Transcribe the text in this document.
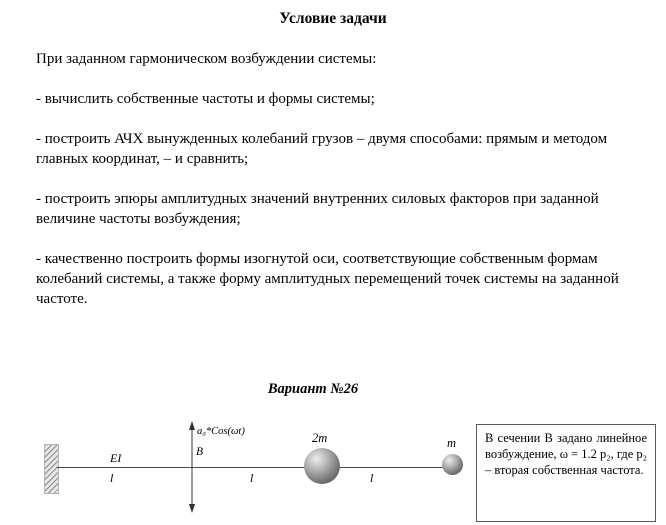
Условие задачи

При заданном гармоническом возбуждении системы:

- вычислить собственные частоты и формы системы;

- построить АЧХ вынужденных колебаний грузов – двумя способами: прямым и методом главных координат, – и сравнить;

- построить эпюры амплитудных значений внутренних силовых факторов при заданной величине частоты возбуждения;

- качественно построить формы изогнутой оси, соответствующие собственным формам колебаний системы, а также форму амплитудных перемещений точек системы на заданной частоте.

Вариант №26
a₀*Cos(ωt)
B
EI
l	l	l
2m	m	В сечении В задано линейное возбуждение, ω = 1.2 p₂, где p₂ – вторая собственная частота.
